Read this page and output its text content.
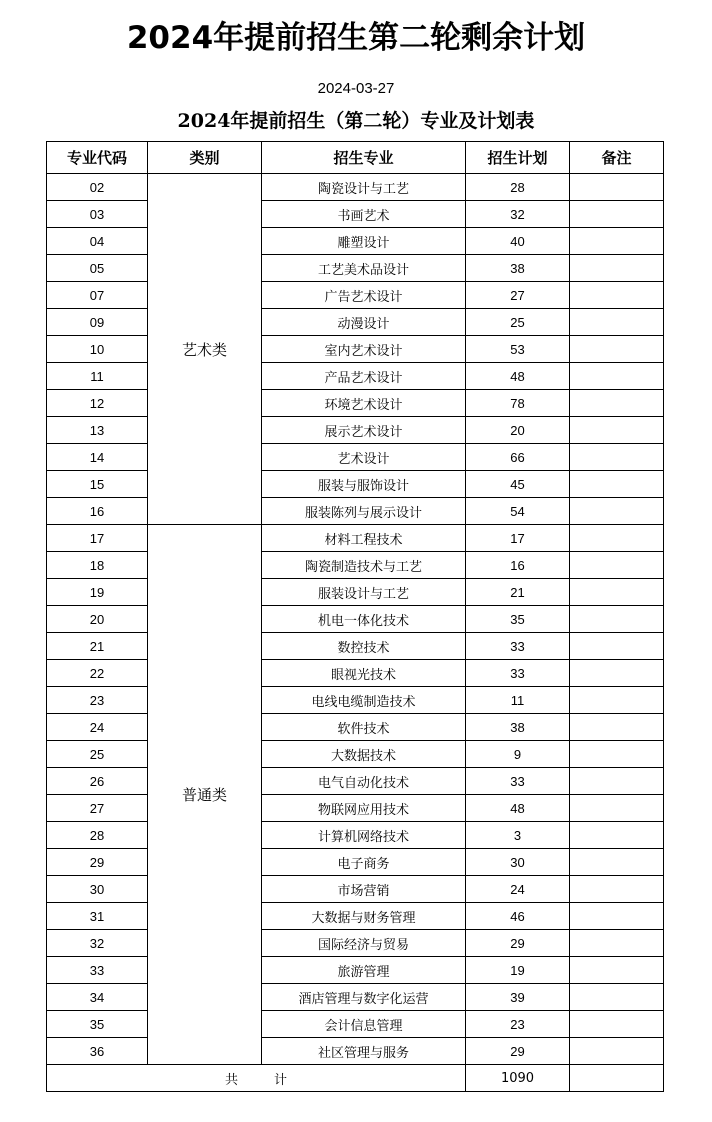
2024年提前招生第二轮剩余计划
2024-03-27
2024年提前招生（第二轮）专业及计划表
专业代码	类别	招生专业	招生计划	备注
02	艺术类	陶瓷设计与工艺	28	
03		书画艺术	32	
04		雕塑设计	40	
05		工艺美术品设计	38	
07		广告艺术设计	27	
09		动漫设计	25	
10		室内艺术设计	53	
11		产品艺术设计	48	
12		环境艺术设计	78	
13		展示艺术设计	20	
14		艺术设计	66	
15		服装与服饰设计	45	
16		服装陈列与展示设计	54	
17	普通类	材料工程技术	17	
18		陶瓷制造技术与工艺	16	
19		服装设计与工艺	21	
20		机电一体化技术	35	
21		数控技术	33	
22		眼视光技术	33	
23		电线电缆制造技术	11	
24		软件技术	38	
25		大数据技术	9	
26		电气自动化技术	33	
27		物联网应用技术	48	
28		计算机网络技术	3	
29		电子商务	30	
30		市场营销	24	
31		大数据与财务管理	46	
32		国际经济与贸易	29	
33		旅游管理	19	
34		酒店管理与数字化运营	39	
35		会计信息管理	23	
36		社区管理与服务	29	
共 计			1090	
